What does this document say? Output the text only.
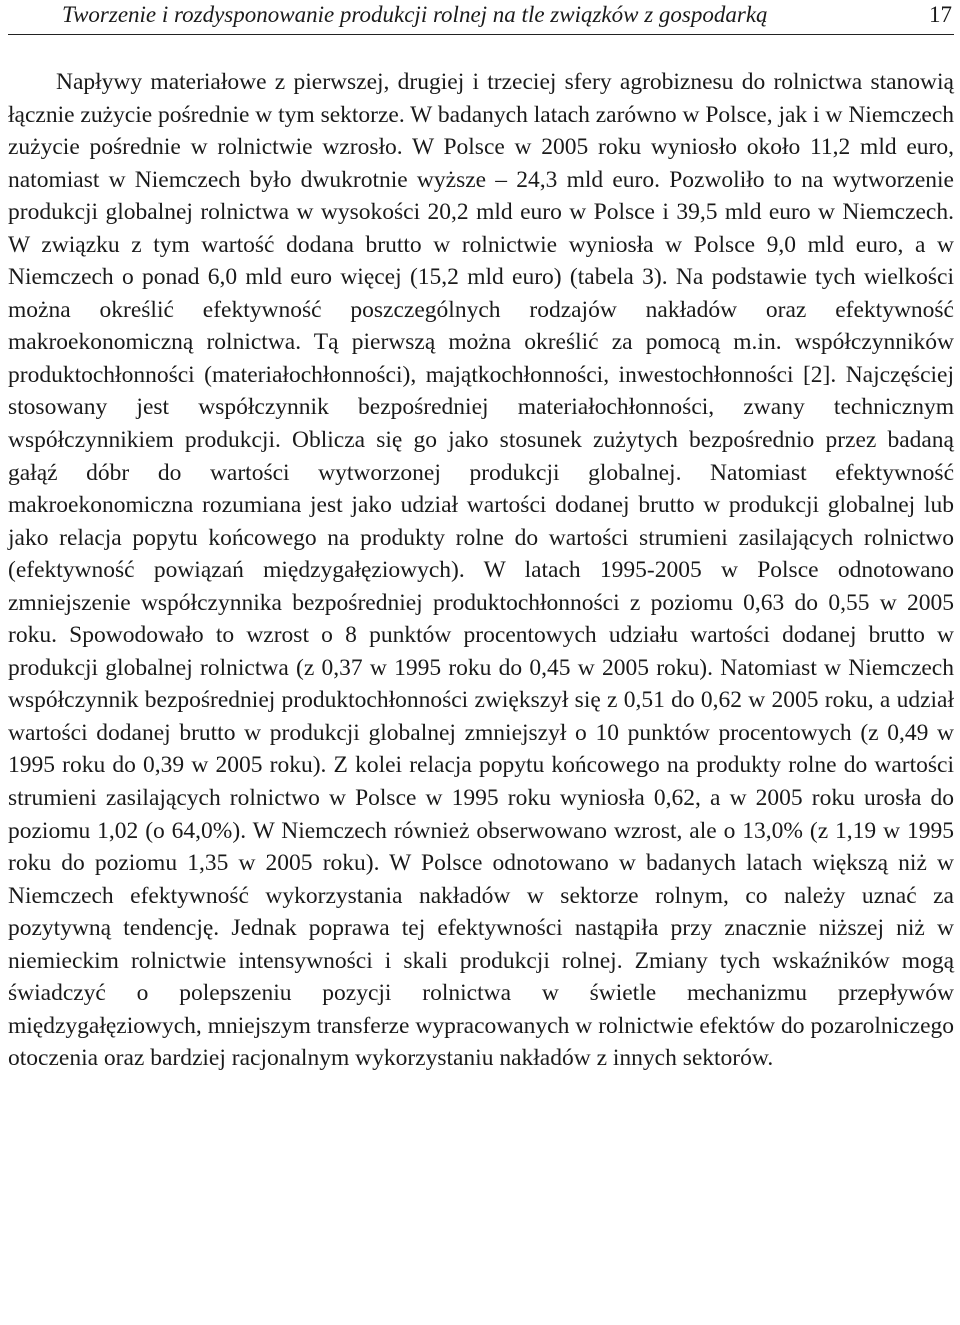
Tworzenie i rozdysponowanie produkcji rolnej na tle związków z gospodarką	17

Napływy materiałowe z pierwszej, drugiej i trzeciej sfery agrobiznesu do rolnictwa stanowią łącznie zużycie pośrednie w tym sektorze. W badanych latach zarówno w Polsce, jak i w Niemczech zużycie pośrednie w rolnictwie wzrosło. W Polsce w 2005 roku wyniosło około 11,2 mld euro, natomiast w Niemczech było dwukrotnie wyższe – 24,3 mld euro. Pozwoliło to na wytworzenie produkcji globalnej rolnictwa w wysokości 20,2 mld euro w Polsce i 39,5 mld euro w Niemczech. W związku z tym wartość dodana brutto w rolnictwie wyniosła w Polsce 9,0 mld euro, a w Niemczech o ponad 6,0 mld euro więcej (15,2 mld euro) (tabela 3). Na podstawie tych wielkości można określić efektywność poszczególnych rodzajów nakładów oraz efektywność makroekonomiczną rolnictwa. Tą pierwszą można określić za pomocą m.in. współczynników produktochłonności (materiałochłonności), majątkochłonności, inwestochłonności [2]. Najczęściej stosowany jest współczynnik bezpośredniej materiałochłonności, zwany technicznym współczynnikiem produkcji. Oblicza się go jako stosunek zużytych bezpośrednio przez badaną gałąź dóbr do wartości wytworzonej produkcji globalnej. Natomiast efektywność makroekonomiczna rozumiana jest jako udział wartości dodanej brutto w produkcji globalnej lub jako relacja popytu końcowego na produkty rolne do wartości strumieni zasilających rolnictwo (efektywność powiązań międzygałęziowych). W latach 1995-2005 w Polsce odnotowano zmniejszenie współczynnika bezpośredniej produktochłonności z poziomu 0,63 do 0,55 w 2005 roku. Spowodowało to wzrost o 8 punktów procentowych udziału wartości dodanej brutto w produkcji globalnej rolnictwa (z 0,37 w 1995 roku do 0,45 w 2005 roku). Natomiast w Niemczech współczynnik bezpośredniej produktochłonności zwiększył się z 0,51 do 0,62 w 2005 roku, a udział wartości dodanej brutto w produkcji globalnej zmniejszył o 10 punktów procentowych (z 0,49 w 1995 roku do 0,39 w 2005 roku). Z kolei relacja popytu końcowego na produkty rolne do wartości strumieni zasilających rolnictwo w Polsce w 1995 roku wyniosła 0,62, a w 2005 roku urosła do poziomu 1,02 (o 64,0%). W Niemczech również obserwowano wzrost, ale o 13,0% (z 1,19 w 1995 roku do poziomu 1,35 w 2005 roku). W Polsce odnotowano w badanych latach większą niż w Niemczech efektywność wykorzystania nakładów w sektorze rolnym, co należy uznać za pozytywną tendencję. Jednak poprawa tej efektywności nastąpiła przy znacznie niższej niż w niemieckim rolnictwie intensywności i skali produkcji rolnej. Zmiany tych wskaźników mogą świadczyć o polepszeniu pozycji rolnictwa w świetle mechanizmu przepływów międzygałęziowych, mniejszym transferze wypracowanych w rolnictwie efektów do pozarolniczego otoczenia oraz bardziej racjonalnym wykorzystaniu nakładów z innych sektorów.
